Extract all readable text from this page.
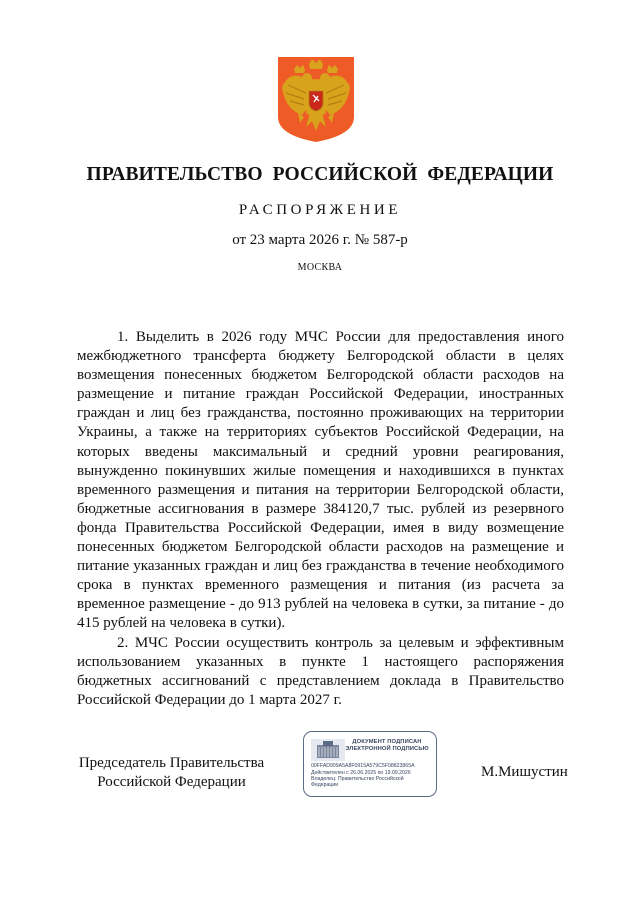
ПРАВИТЕЛЬСТВО РОССИЙСКОЙ ФЕДЕРАЦИИ
РАСПОРЯЖЕНИЕ
от 23 марта 2026 г. № 587-р
МОСКВА

1. Выделить в 2026 году МЧС России для предоставления иного межбюджетного трансферта бюджету Белгородской области в целях возмещения понесенных бюджетом Белгородской области расходов на размещение и питание граждан Российской Федерации, иностранных граждан и лиц без гражданства, постоянно проживающих на территории Украины, а также на территориях субъектов Российской Федерации, на которых введены максимальный и средний уровни реагирования, вынужденно покинувших жилые помещения и находившихся в пунктах временного размещения и питания на территории Белгородской области, бюджетные ассигнования в размере 384120,7 тыс. рублей из резервного фонда Правительства Российской Федерации, имея в виду возмещение понесенных бюджетом Белгородской области расходов на размещение и питание указанных граждан и лиц без гражданства в течение необходимого срока в пунктах временного размещения и питания (из расчета за временное размещение - до 913 рублей на человека в сутки, за питание - до 415 рублей на человека в сутки).

2. МЧС России осуществить контроль за целевым и эффективным использованием указанных в пункте 1 настоящего распоряжения бюджетных ассигнований с представлением доклада в Правительство Российской Федерации до 1 марта 2027 г.

Председатель Правительства
Российской Федерации
ДОКУМЕНТ ПОДПИСАН
ЭЛЕКТРОННОЙ ПОДПИСЬЮ
00FFAD909A5A8F0915A579C5F08823865A
Действителен с 26.06.2025 по 19.09.2026
Владелец: Правительство Российской Федерации
М.Мишустин
